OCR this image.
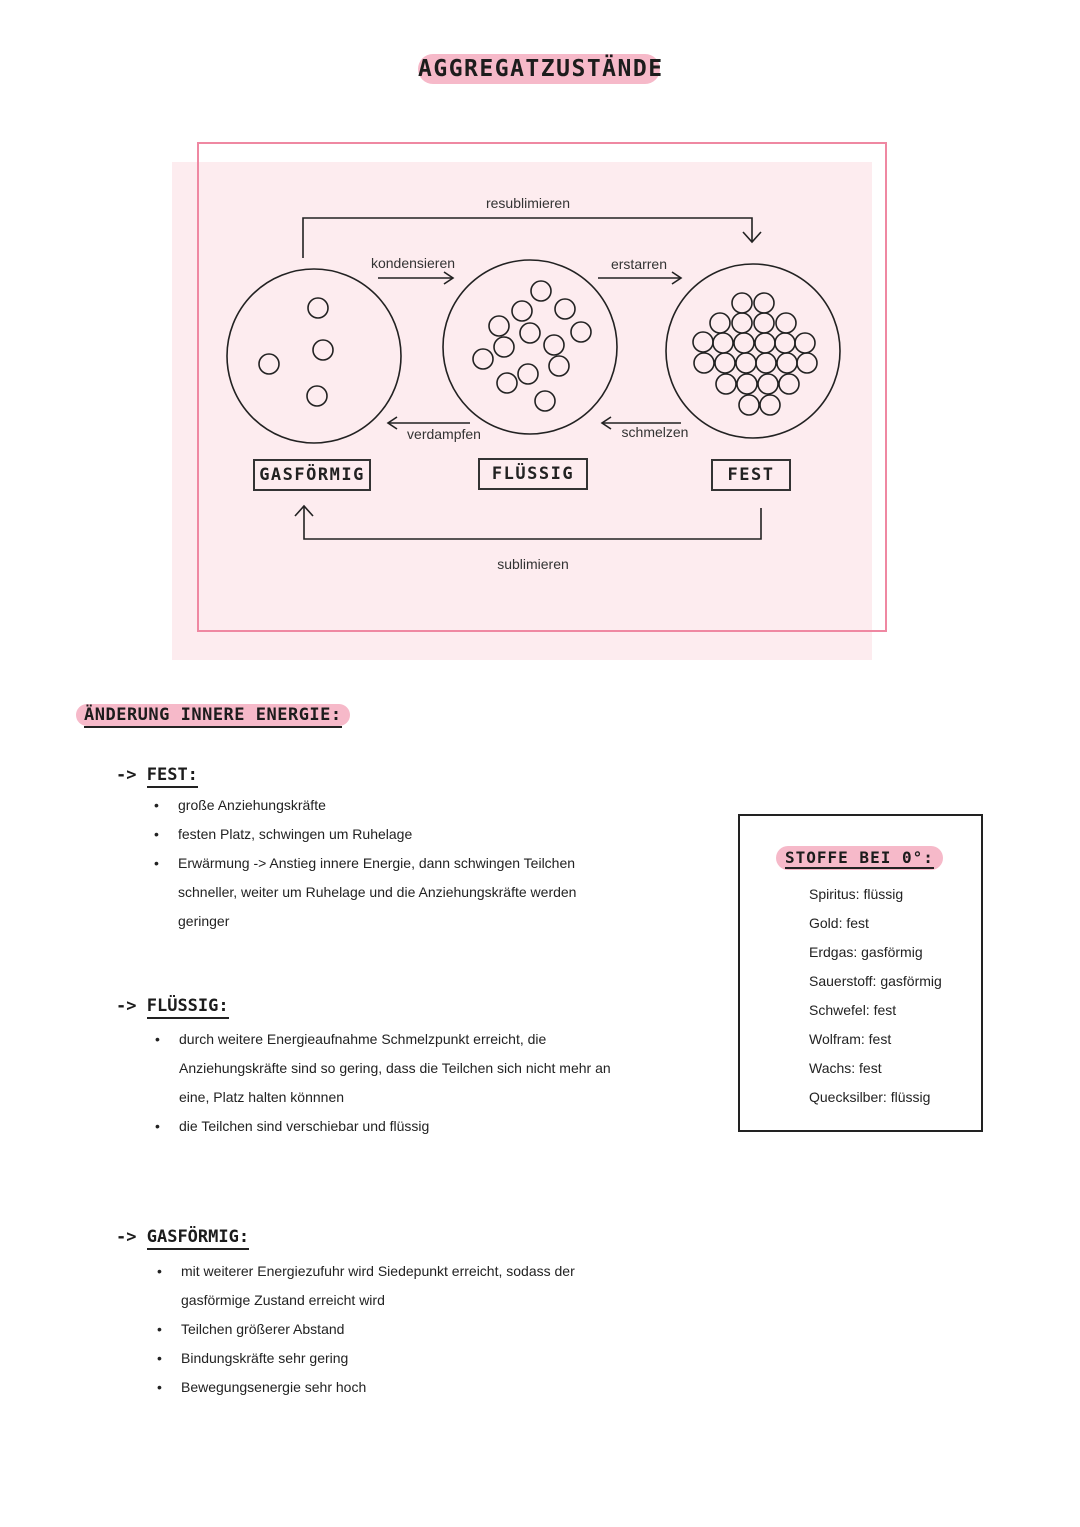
AGGREGATZUSTÄNDE
resublimieren
kondensieren	erstarren
verdampfen	schmelzen
sublimieren
GASFÖRMIG	FLÜSSIG	FEST
ÄNDERUNG INNERE ENERGIE:
-> FEST:
• große Anziehungskräfte
• festen Platz, schwingen um Ruhelage
• Erwärmung -> Anstieg innere Energie, dann schwingen Teilchen schneller, weiter um Ruhelage und die Anziehungskräfte werden geringer
-> FLÜSSIG:
• durch weitere Energieaufnahme Schmelzpunkt erreicht, die Anziehungskräfte sind so gering, dass die Teilchen sich nicht mehr an eine, Platz halten könnnen
• die Teilchen sind verschiebar und flüssig
-> GASFÖRMIG:
• mit weiterer Energiezufuhr wird Siedepunkt erreicht, sodass der gasförmige Zustand erreicht wird
• Teilchen größerer Abstand
• Bindungskräfte sehr gering
• Bewegungsenergie sehr hoch
STOFFE BEI 0°:
Spiritus: flüssig
Gold: fest
Erdgas: gasförmig
Sauerstoff: gasförmig
Schwefel: fest
Wolfram: fest
Wachs: fest
Quecksilber: flüssig
